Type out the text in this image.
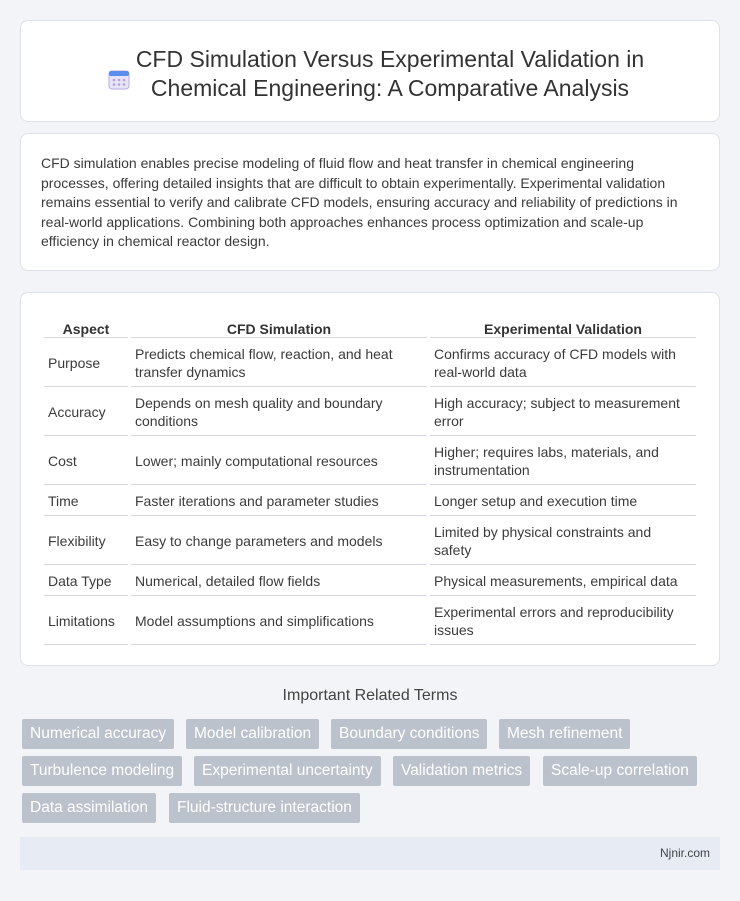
CFD Simulation Versus Experimental Validation in Chemical Engineering: A Comparative Analysis

CFD simulation enables precise modeling of fluid flow and heat transfer in chemical engineering processes, offering detailed insights that are difficult to obtain experimentally. Experimental validation remains essential to verify and calibrate CFD models, ensuring accuracy and reliability of predictions in real-world applications. Combining both approaches enhances process optimization and scale-up efficiency in chemical reactor design.

Aspect	CFD Simulation	Experimental Validation
Purpose	Predicts chemical flow, reaction, and heat transfer dynamics	Confirms accuracy of CFD models with real-world data
Accuracy	Depends on mesh quality and boundary conditions	High accuracy; subject to measurement error
Cost	Lower; mainly computational resources	Higher; requires labs, materials, and instrumentation
Time	Faster iterations and parameter studies	Longer setup and execution time
Flexibility	Easy to change parameters and models	Limited by physical constraints and safety
Data Type	Numerical, detailed flow fields	Physical measurements, empirical data
Limitations	Model assumptions and simplifications	Experimental errors and reproducibility issues
Important Related Terms
Numerical accuracy	Model calibration	Boundary conditions	Mesh refinement
Turbulence modeling	Experimental uncertainty	Validation metrics	Scale-up correlation
Data assimilation	Fluid-structure interaction
Njnir.com
